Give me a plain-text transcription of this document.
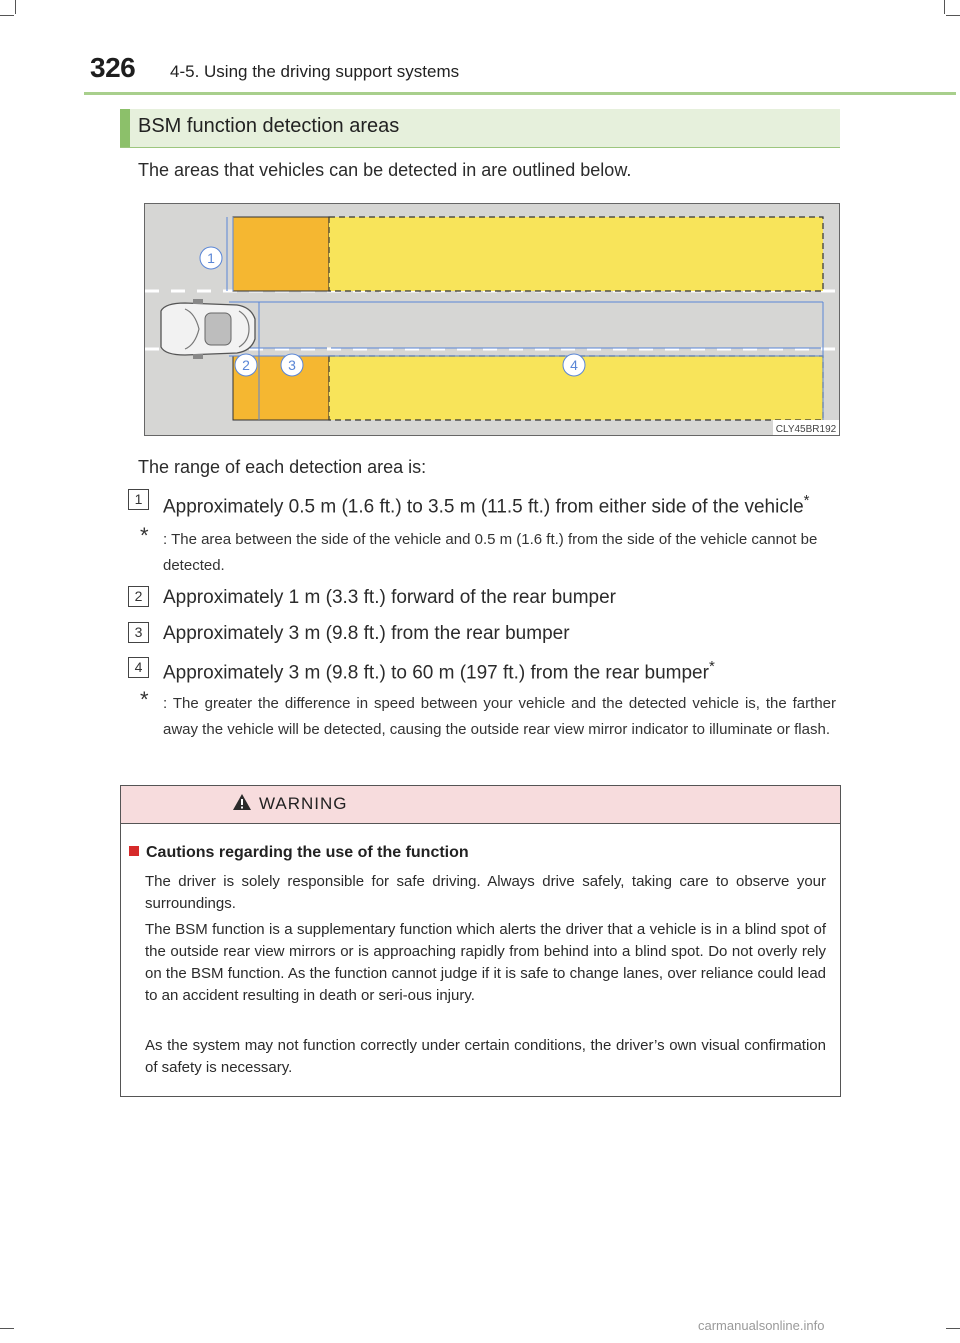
326 4-5. Using the driving support systems
BSM function detection areas
The areas that vehicles can be detected in are outlined below.
1
2	3	4
CLY45BR192
The range of each detection area is:
1	Approximately 0.5 m (1.6 ft.) to 3.5 m (11.5 ft.) from either side of the vehicle*
* : The area between the side of the vehicle and 0.5 m (1.6 ft.) from the side of the vehicle cannot be detected.
2	Approximately 1 m (3.3 ft.) forward of the rear bumper
3	Approximately 3 m (9.8 ft.) from the rear bumper
4	Approximately 3 m (9.8 ft.) to 60 m (197 ft.) from the rear bumper*
* : The greater the difference in speed between your vehicle and the detected vehicle is, the farther away the vehicle will be detected, causing the outside rear view mirror indicator to illuminate or flash.
WARNING
Cautions regarding the use of the function
The driver is solely responsible for safe driving. Always drive safely, taking care to observe your surroundings.
The BSM function is a supplementary function which alerts the driver that a vehicle is in a blind spot of the outside rear view mirrors or is approaching rapidly from behind into a blind spot. Do not overly rely on the BSM function. As the function cannot judge if it is safe to change lanes, over reliance could lead to an accident resulting in death or seri-ous injury.
As the system may not function correctly under certain conditions, the driver’s own visual confirmation of safety is necessary.
carmanualsonline.info
